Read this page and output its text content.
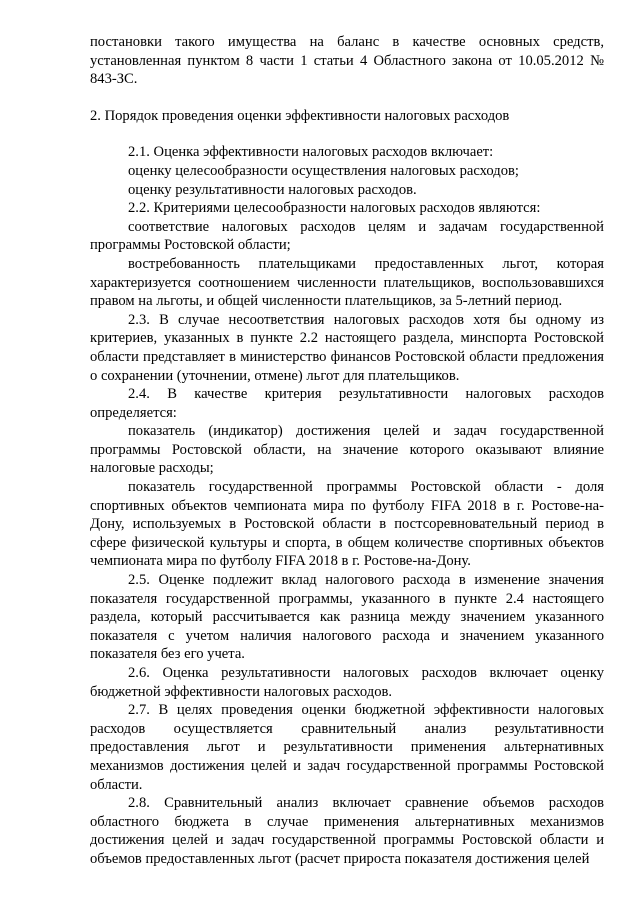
постановки такого имущества на баланс в качестве основных средств, установленная пунктом 8 части 1 статьи 4 Областного закона от 10.05.2012 № 843-ЗС.

2. Порядок проведения оценки эффективности налоговых расходов

2.1. Оценка эффективности налоговых расходов включает:

оценку целесообразности осуществления налоговых расходов;

оценку результативности налоговых расходов.

2.2. Критериями целесообразности налоговых расходов являются:

соответствие налоговых расходов целям и задачам государственной программы Ростовской области;

востребованность плательщиками предоставленных льгот, которая характеризуется соотношением численности плательщиков, воспользовавшихся правом на льготы, и общей численности плательщиков, за 5-летний период.

2.3. В случае несоответствия налоговых расходов хотя бы одному из критериев, указанных в пункте 2.2 настоящего раздела, минспорта Ростовской области представляет в министерство финансов Ростовской области предложения о сохранении (уточнении, отмене) льгот для плательщиков.

2.4. В качестве критерия результативности налоговых расходов определяется:

показатель (индикатор) достижения целей и задач государственной программы Ростовской области, на значение которого оказывают влияние налоговые расходы;

показатель государственной программы Ростовской области - доля спортивных объектов чемпионата мира по футболу FIFA 2018 в г. Ростове-на-Дону, используемых в Ростовской области в постсоревновательный период в сфере физической культуры и спорта, в общем количестве спортивных объектов чемпионата мира по футболу FIFA 2018 в г. Ростове-на-Дону.

2.5. Оценке подлежит вклад налогового расхода в изменение значения показателя государственной программы, указанного в пункте 2.4 настоящего раздела, который рассчитывается как разница между значением указанного показателя с учетом наличия налогового расхода и значением указанного показателя без его учета.

2.6. Оценка результативности налоговых расходов включает оценку бюджетной эффективности налоговых расходов.

2.7. В целях проведения оценки бюджетной эффективности налоговых расходов осуществляется сравнительный анализ результативности предоставления льгот и результативности применения альтернативных механизмов достижения целей и задач государственной программы Ростовской области.

2.8. Сравнительный анализ включает сравнение объемов расходов областного бюджета в случае применения альтернативных механизмов достижения целей и задач государственной программы Ростовской области и объемов предоставленных льгот (расчет прироста показателя достижения целей
